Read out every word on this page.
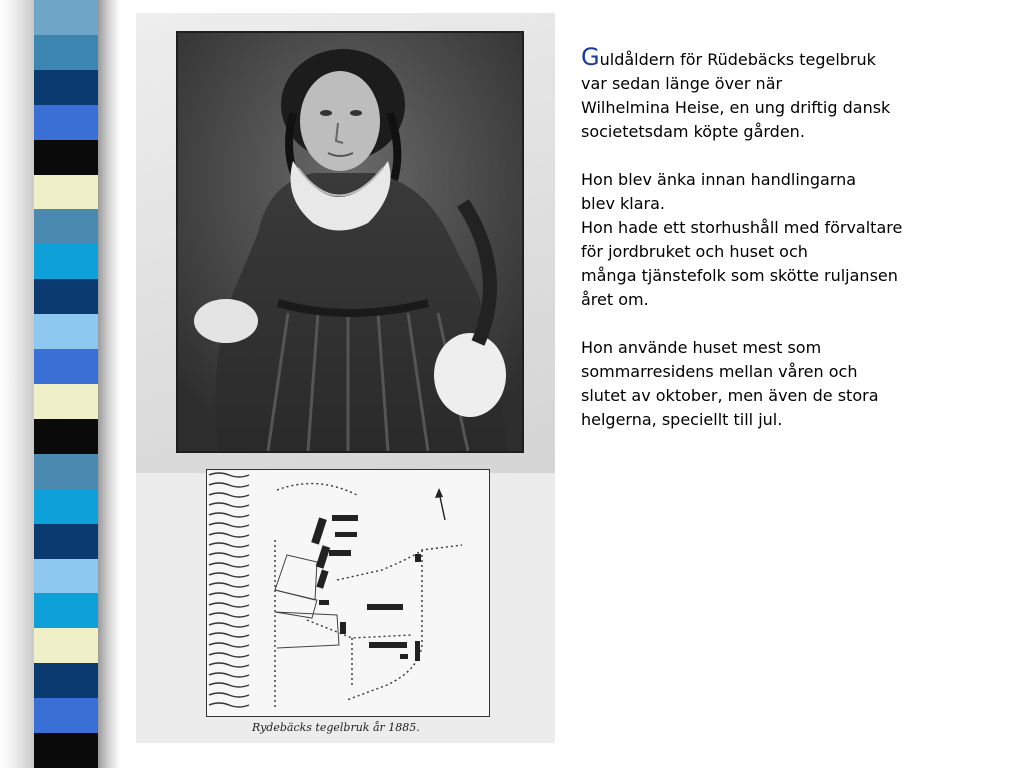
Rydebäcks tegelbruk år 1885.
Guldåldern för Rüdebäcks tegelbruk
var sedan länge över när
Wilhelmina Heise, en ung driftig dansk
societetsdam köpte gården.
Hon blev änka innan handlingarna
blev klara.
Hon hade ett storhushåll med förvaltare
för jordbruket och huset och
många tjänstefolk som skötte ruljansen
året om.
Hon använde huset mest som
sommarresidens mellan våren och
slutet av oktober, men även de stora
helgerna, speciellt till jul.
